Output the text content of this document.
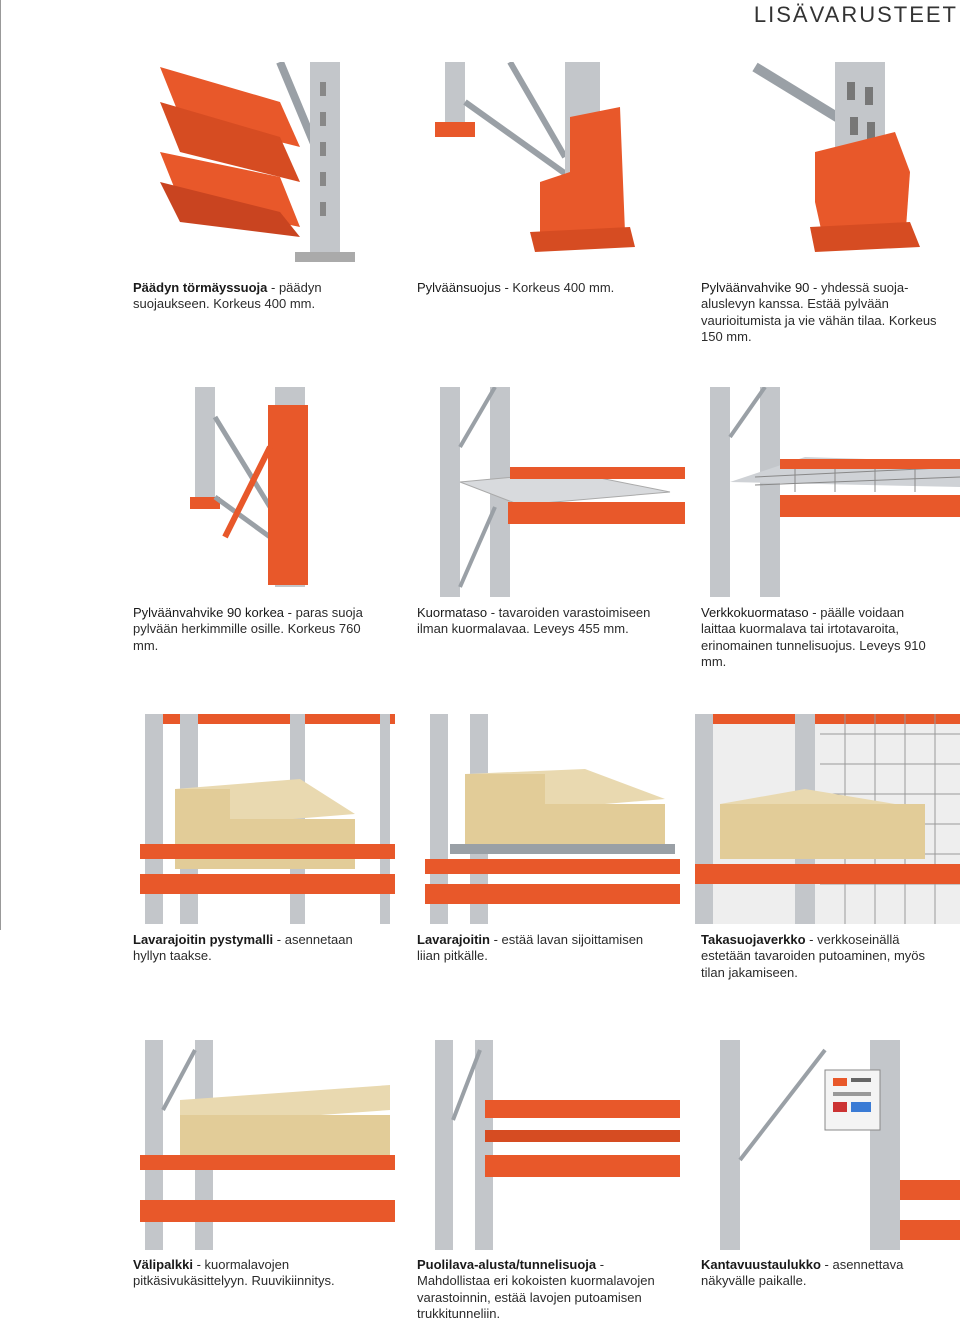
LISÄVARUSTEET
Päädyn törmäyssuoja - päädyn suojaukseen. Korkeus 400 mm.
Pylväänsuojus - Korkeus 400 mm.	Pylväänvahvike 90 - yhdessä suoja-aluslevyn kanssa. Estää pylvään vaurioitumista ja vie vähän tilaa. Korkeus 150 mm.
Pylväänvahvike 90 korkea - paras suoja pylvään herkimmille osille. Korkeus 760 mm.
Kuormataso - tavaroiden varastoimiseen ilman kuormalavaa. Leveys 455 mm.
Verkkokuormataso - päälle voidaan laittaa kuormalava tai irtotavaroita, erinomainen tunnelisuojus. Leveys 910 mm.
Lavarajoitin pystymalli - asennetaan hyllyn taakse.
Lavarajoitin - estää lavan sijoittamisen liian pitkälle.
Takasuojaverkko - verkkoseinällä estetään tavaroiden putoaminen, myös tilan jakamiseen.
Välipalkki - kuormalavojen pitkäsivukäsittelyyn. Ruuvikiinnitys.
Puolilava-alusta/tunnelisuoja - Mahdollistaa eri kokoisten kuormalavojen varastoinnin, estää lavojen putoamisen trukkitunneliin.
Kantavuustaulukko - asennettava näkyvälle paikalle.
